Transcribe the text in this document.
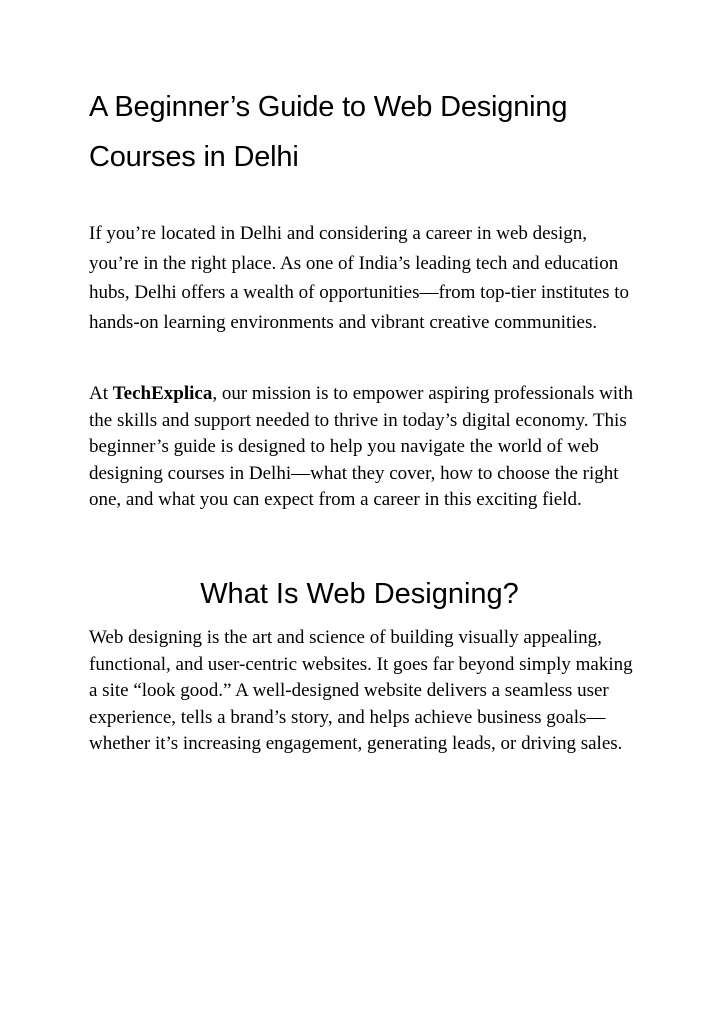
A Beginner’s Guide to Web Designing Courses in Delhi

If you’re located in Delhi and considering a career in web design, you’re in the right place. As one of India’s leading tech and education hubs, Delhi offers a wealth of opportunities—from top-tier institutes to hands-on learning environments and vibrant creative communities.

At TechExplica, our mission is to empower aspiring professionals with the skills and support needed to thrive in today’s digital economy. This beginner’s guide is designed to help you navigate the world of web designing courses in Delhi—what they cover, how to choose the right one, and what you can expect from a career in this exciting field.

What Is Web Designing?

Web designing is the art and science of building visually appealing, functional, and user-centric websites. It goes far beyond simply making a site “look good.” A well-designed website delivers a seamless user experience, tells a brand’s story, and helps achieve business goals—whether it’s increasing engagement, generating leads, or driving sales.
